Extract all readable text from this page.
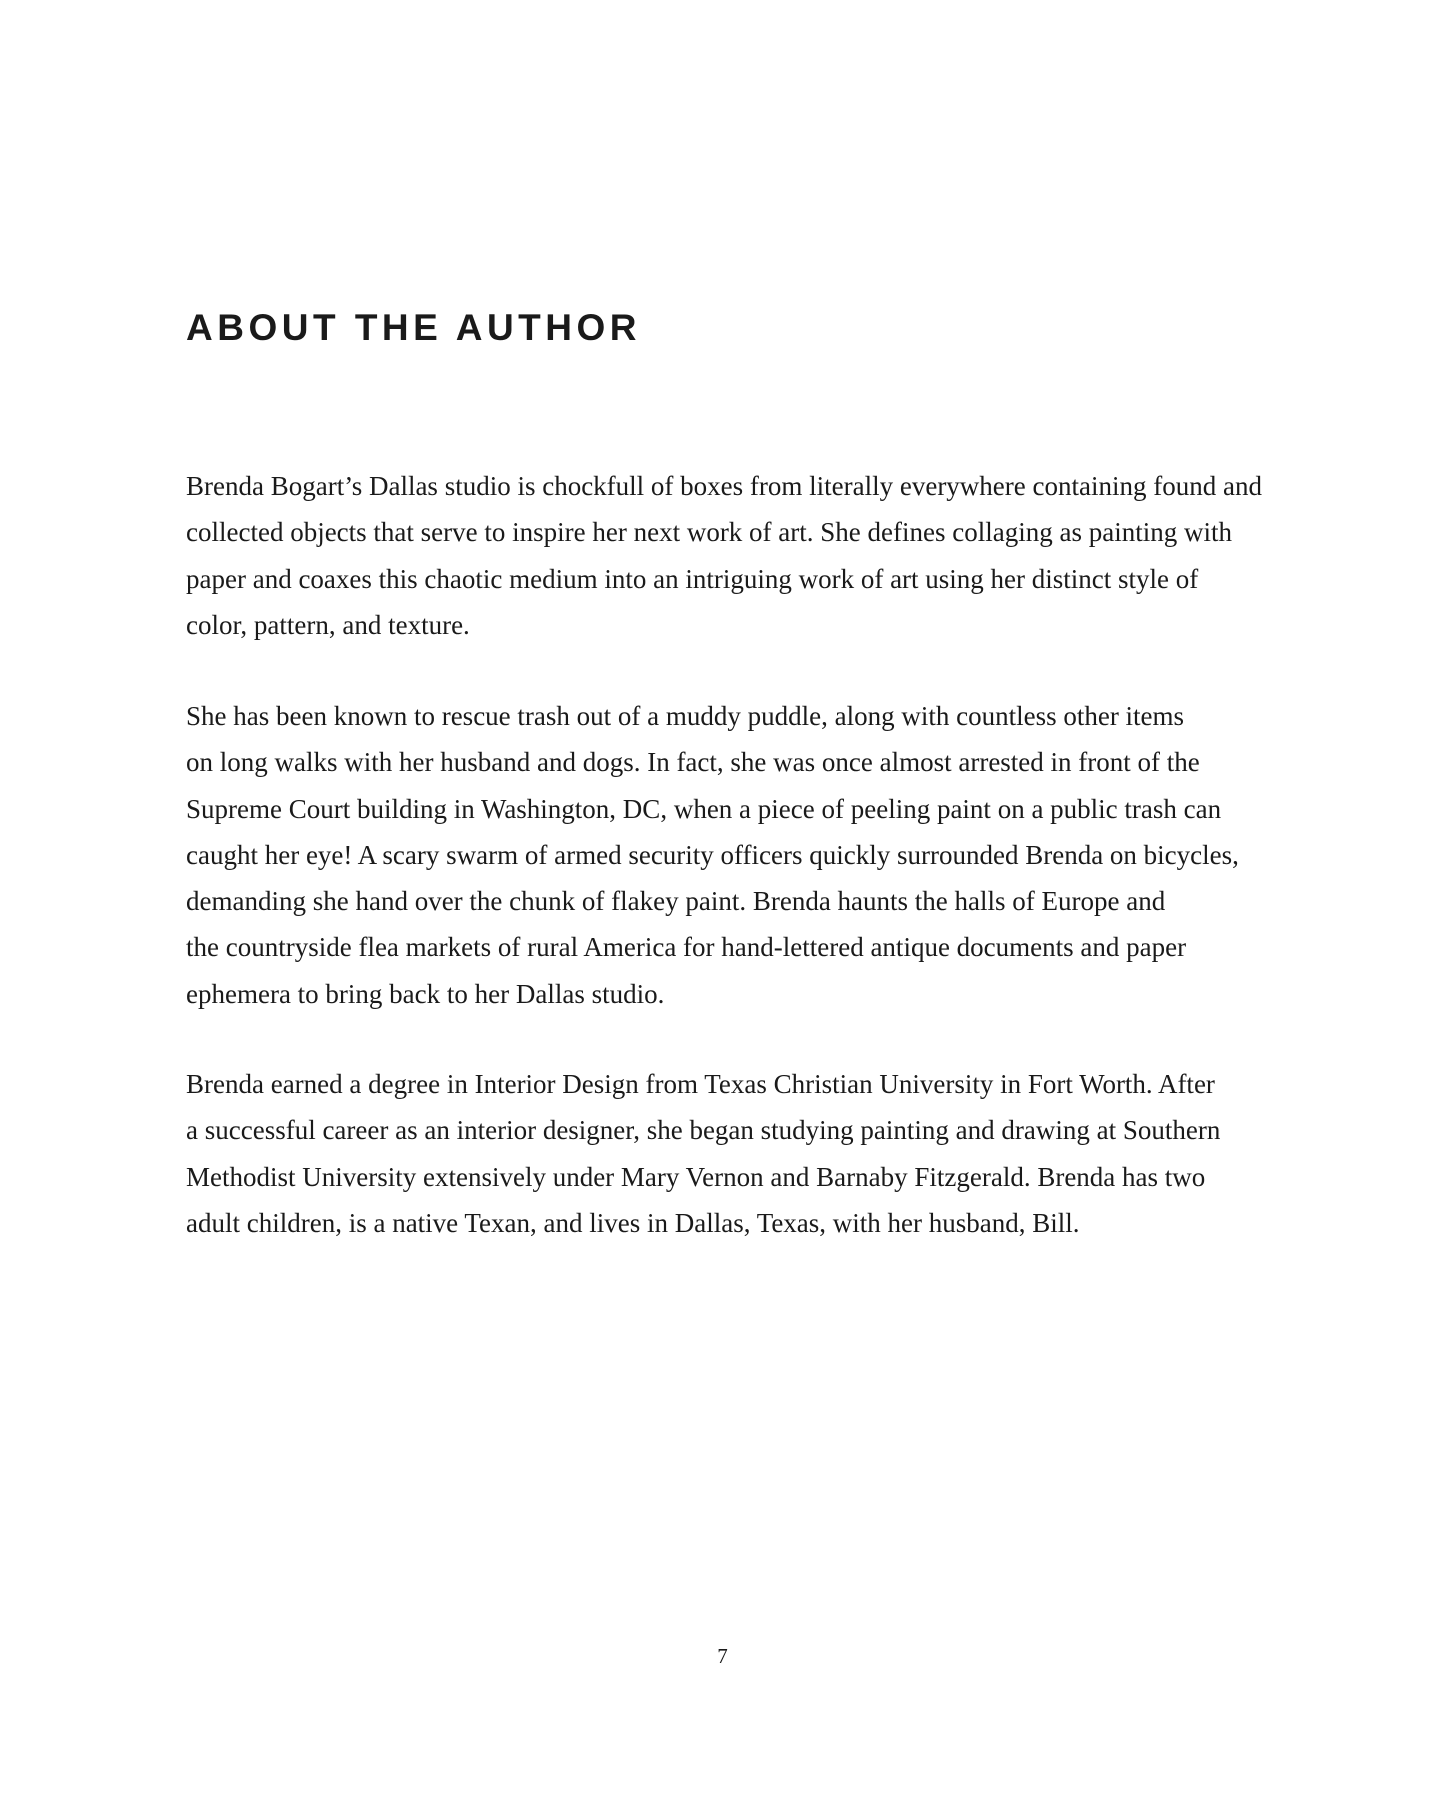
ABOUT THE AUTHOR

Brenda Bogart’s Dallas studio is chockfull of boxes from literally everywhere containing found and
collected objects that serve to inspire her next work of art. She defines collaging as painting with
paper and coaxes this chaotic medium into an intriguing work of art using her distinct style of
color, pattern, and texture.

She has been known to rescue trash out of a muddy puddle, along with countless other items
on long walks with her husband and dogs. In fact, she was once almost arrested in front of the
Supreme Court building in Washington, DC, when a piece of peeling paint on a public trash can
caught her eye! A scary swarm of armed security officers quickly surrounded Brenda on bicycles,
demanding she hand over the chunk of flakey paint. Brenda haunts the halls of Europe and
the countryside flea markets of rural America for hand-lettered antique documents and paper
ephemera to bring back to her Dallas studio.

Brenda earned a degree in Interior Design from Texas Christian University in Fort Worth. After
a successful career as an interior designer, she began studying painting and drawing at Southern
Methodist University extensively under Mary Vernon and Barnaby Fitzgerald. Brenda has two
adult children, is a native Texan, and lives in Dallas, Texas, with her husband, Bill.

7
